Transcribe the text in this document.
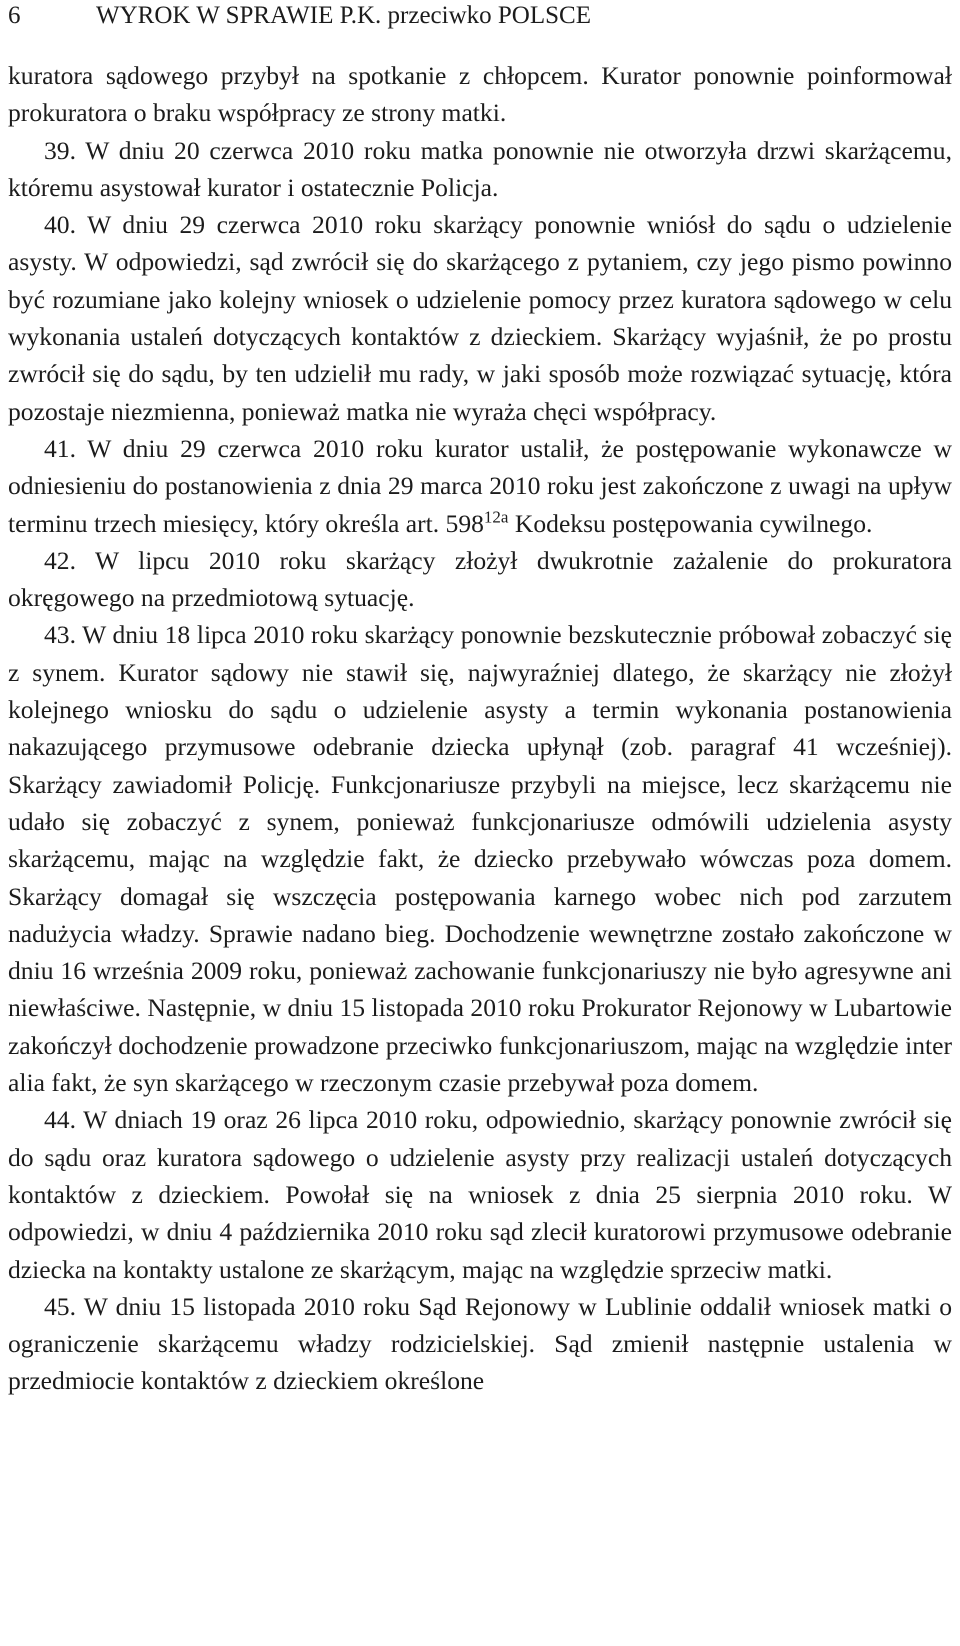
6	WYROK W SPRAWIE P.K. przeciwko POLSCE

kuratora sądowego przybył na spotkanie z chłopcem. Kurator ponownie poinformował prokuratora o braku współpracy ze strony matki.

39. W dniu 20 czerwca 2010 roku matka ponownie nie otworzyła drzwi skarżącemu, któremu asystował kurator i ostatecznie Policja.

40. W dniu 29 czerwca 2010 roku skarżący ponownie wniósł do sądu o udzielenie asysty. W odpowiedzi, sąd zwrócił się do skarżącego z pytaniem, czy jego pismo powinno być rozumiane jako kolejny wniosek o udzielenie pomocy przez kuratora sądowego w celu wykonania ustaleń dotyczących kontaktów z dzieckiem. Skarżący wyjaśnił, że po prostu zwrócił się do sądu, by ten udzielił mu rady, w jaki sposób może rozwiązać sytuację, która pozostaje niezmienna, ponieważ matka nie wyraża chęci współpracy.

41. W dniu 29 czerwca 2010 roku kurator ustalił, że postępowanie wykonawcze w odniesieniu do postanowienia z dnia 29 marca 2010 roku jest zakończone z uwagi na upływ terminu trzech miesięcy, który określa art. $598^{12a}$ Kodeksu postępowania cywilnego.

42. W lipcu 2010 roku skarżący złożył dwukrotnie zażalenie do prokuratora okręgowego na przedmiotową sytuację.

43. W dniu 18 lipca 2010 roku skarżący ponownie bezskutecznie próbował zobaczyć się z synem. Kurator sądowy nie stawił się, najwyraźniej dlatego, że skarżący nie złożył kolejnego wniosku do sądu o udzielenie asysty a termin wykonania postanowienia nakazującego przymusowe odebranie dziecka upłynął (zob. paragraf 41 wcześniej). Skarżący zawiadomił Policję. Funkcjonariusze przybyli na miejsce, lecz skarżącemu nie udało się zobaczyć z synem, ponieważ funkcjonariusze odmówili udzielenia asysty skarżącemu, mając na względzie fakt, że dziecko przebywało wówczas poza domem. Skarżący domagał się wszczęcia postępowania karnego wobec nich pod zarzutem nadużycia władzy. Sprawie nadano bieg. Dochodzenie wewnętrzne zostało zakończone w dniu 16 września 2009 roku, ponieważ zachowanie funkcjonariuszy nie było agresywne ani niewłaściwe. Następnie, w dniu 15 listopada 2010 roku Prokurator Rejonowy w Lubartowie zakończył dochodzenie prowadzone przeciwko funkcjonariuszom, mając na względzie inter alia fakt, że syn skarżącego w rzeczonym czasie przebywał poza domem.

44. W dniach 19 oraz 26 lipca 2010 roku, odpowiednio, skarżący ponownie zwrócił się do sądu oraz kuratora sądowego o udzielenie asysty przy realizacji ustaleń dotyczących kontaktów z dzieckiem. Powołał się na wniosek z dnia 25 sierpnia 2010 roku. W odpowiedzi, w dniu 4 października 2010 roku sąd zlecił kuratorowi przymusowe odebranie dziecka na kontakty ustalone ze skarżącym, mając na względzie sprzeciw matki.

45. W dniu 15 listopada 2010 roku Sąd Rejonowy w Lublinie oddalił wniosek matki o ograniczenie skarżącemu władzy rodzicielskiej. Sąd zmienił następnie ustalenia w przedmiocie kontaktów z dzieckiem określone
